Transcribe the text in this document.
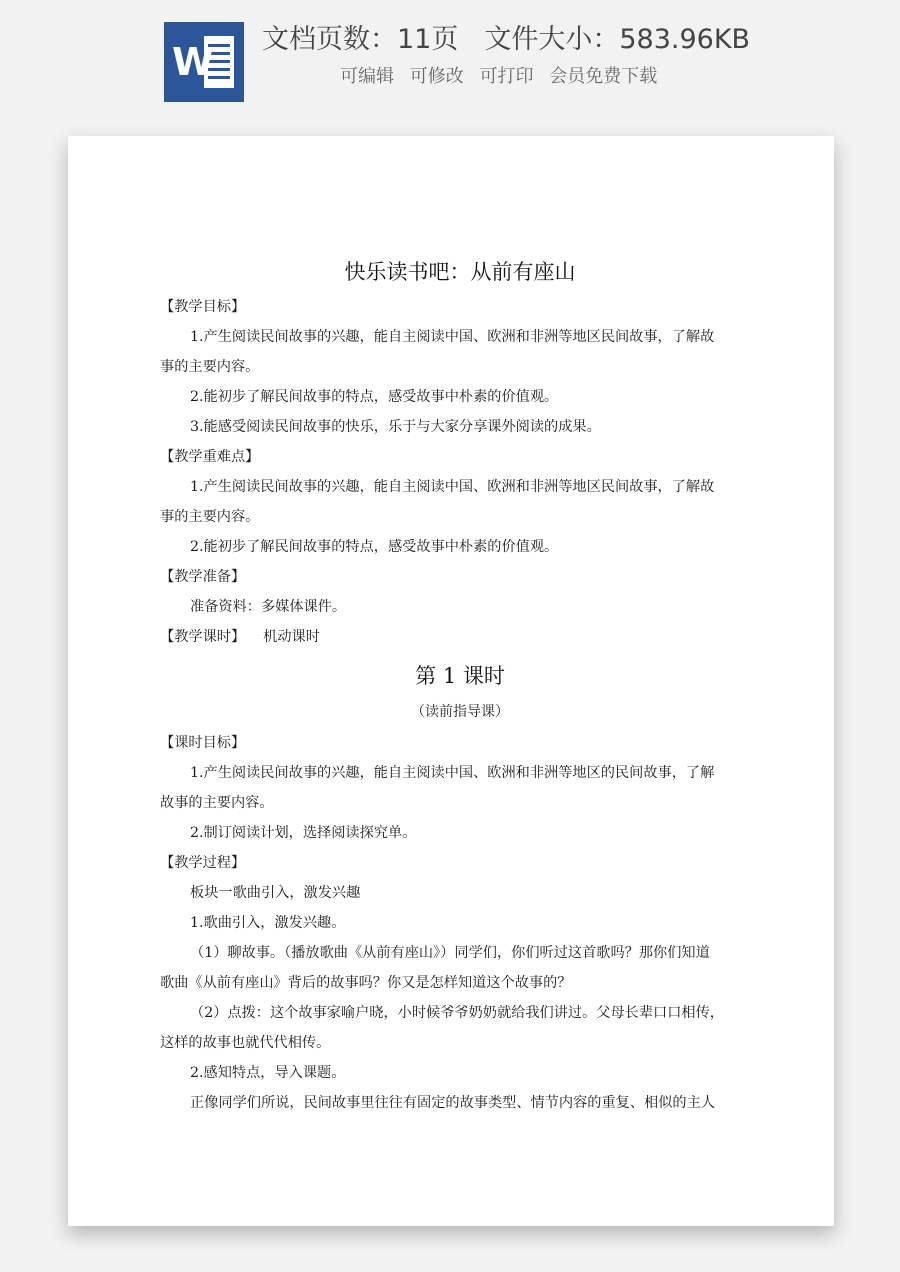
W
文档页数：11页 文件大小：583.96KB
可编辑 可修改 可打印 会员免费下载
快乐读书吧：从前有座山

【教学目标】

1.产生阅读民间故事的兴趣，能自主阅读中国、欧洲和非洲等地区民间故事，了解故

事的主要内容。

2.能初步了解民间故事的特点，感受故事中朴素的价值观。

3.能感受阅读民间故事的快乐，乐于与大家分享课外阅读的成果。

【教学重难点】

1.产生阅读民间故事的兴趣，能自主阅读中国、欧洲和非洲等地区民间故事，了解故

事的主要内容。

2.能初步了解民间故事的特点，感受故事中朴素的价值观。

【教学准备】

准备资料：多媒体课件。

【教学课时】 机动课时

第 1 课时
（读前指导课）

【课时目标】

1.产生阅读民间故事的兴趣，能自主阅读中国、欧洲和非洲等地区的民间故事，了解

故事的主要内容。

2.制订阅读计划，选择阅读探究单。

【教学过程】

板块一歌曲引入，激发兴趣

1.歌曲引入，激发兴趣。

（1）聊故事。（播放歌曲《从前有座山》）同学们，你们听过这首歌吗？那你们知道

歌曲《从前有座山》背后的故事吗？你又是怎样知道这个故事的？

（2）点拨：这个故事家喻户晓，小时候爷爷奶奶就给我们讲过。父母长辈口口相传，

这样的故事也就代代相传。

2.感知特点，导入课题。

正像同学们所说，民间故事里往往有固定的故事类型、情节内容的重复、相似的主人
